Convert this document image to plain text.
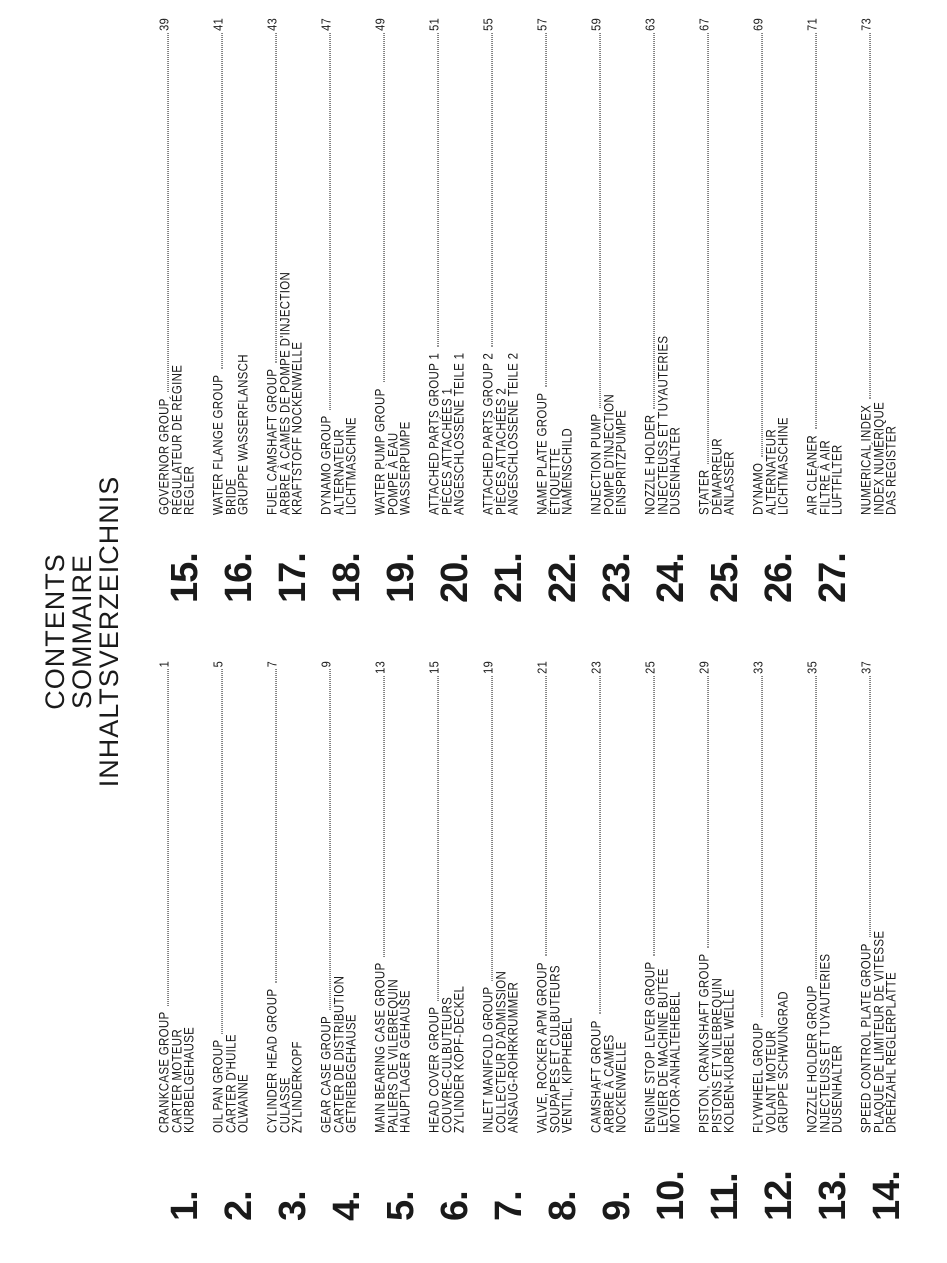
CONTENTS
SOMMAIRE
INHALTSVERZEICHNIS
1.
CRANKCASE GROUP
1
CARTER MOTEUR
KURBELGEHÄUSE
2.
OIL PAN GROUP
5
CARTER D'HUILE
ÖLWANNE
3.
CYLINDER HEAD GROUP
7
CULASSE
ZYLINDERKOPF
4.
GEAR CASE GROUP
9
CARTER DE DISTRIBUTION
GETRIEBEGEHÄUSE
5.
MAIN BEARING CASE GROUP
13
PALIERS DE VILEBREQUIN
HAUPTLAGER GEHÄUSE
6.
HEAD COVER GROUP
15
COUVRE-CULBUTEURS
ZYLINDER KOPF-DECKEL
7.
INLET MANIFOLD GROUP
19
COLLECTEUR D'ADMISSION
ANSAUG-ROHRKRÜMMER
8.
VALVE, ROCKER APM GROUP
21
SOUPAPES ET CULBUTEURS
VENTIL, KIPPHEBEL
9.
CAMSHAFT GROUP
23
ARBRE À CAMES
NOCKENWELLE
10.
ENGINE STOP LEVER GROUP
25
LEVIER DE MACHINE BUTÉE
MOTOR-ANHALTEHEBEL
11.
PISTON, CRANKSHAFT GROUP
29
PISTONS ET VILEBREQUIN
KOLBEN-KURBEL WELLE
12.
FLYWHEEL GROUP
33
VOLANT MOTEUR
GRUPPE SCHWUNGRAD
13.
NOZZLE HOLDER GROUP
35
INJECTEUSS ET TUYAUTERIES
DÜSENHALTER
14.
SPEED CONTROL PLATE GROUP
37
PLAQUE DE LIMITEUR DE VITESSE
DREHZAHL REGLERPLATTE
15.
GOVERNOR GROUP
39
RÉGULATEUR DE RÉGINE
REGLER
16.
WATER FLANGE GROUP
41
BRIDE
GRUPPE WASSERFLANSCH
17.
FUEL CAMSHAFT GROUP
43
ARBRE À CAMES DE POMPE D'INJECTION
KRAFTSTOFF NOCKENWELLE
18.
DYNAMO GROUP
47
ALTERNATEUR
LICHTMASCHINE
19.
WATER PUMP GROUP
49
POMPE À EAU
WASSERPUMPE
20.
ATTACHED PARTS GROUP 1
51
PIÈCES ATTACHÉES 1
ANGESCHLOSSENE TEILE 1
21.
ATTACHED PARTS GROUP 2
55
PIÈCES ATTACHÉES 2
ANGESCHLOSSENE TEILE 2
22.
NAME PLATE GROUP
57
ÉTIQUETTE
NAMENSCHILD
23.
INJECTION PUMP
59
POMPE D'INJECTION
EINSPRITZPUMPE
24.
NOZZLE HOLDER
63
INJECTEUSS ET TUYAUTERIES
DÜSENHALTER
25.
STATER
67
DÉMARREUR
ANLASSER
26.
DYNAMO
69
ALTERNATEUR
LICHTMASCHINE
27.
AIR CLEANER
71
FILTRE À AIR
LUFTFILTER NUMERICAL INDEX
73
INDEX NUMÉRIQUE
DAS REGISTER
